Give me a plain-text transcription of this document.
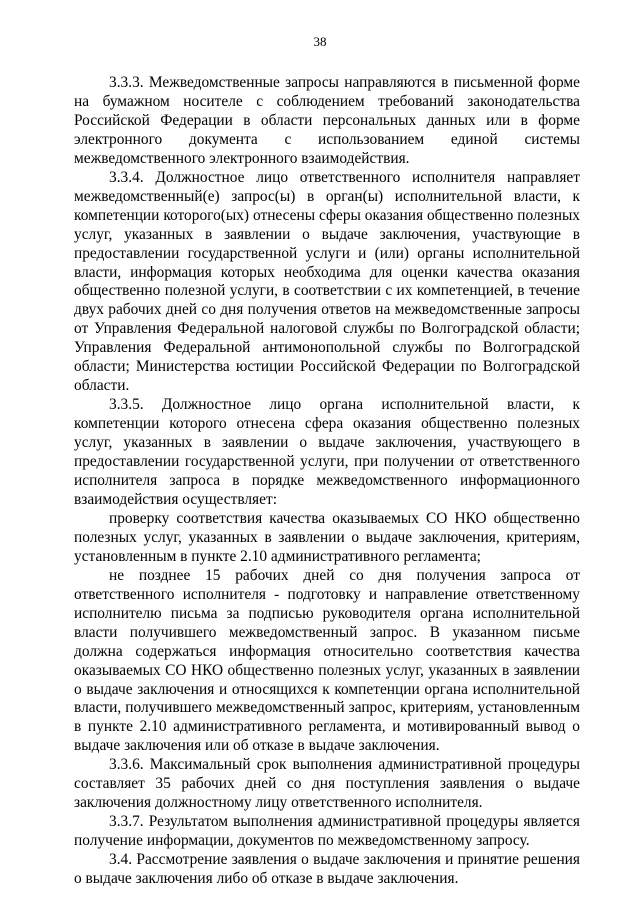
38

3.3.3. Межведомственные запросы направляются в письменной форме на бумажном носителе с соблюдением требований законодательства Российской Федерации в области персональных данных или в форме электронного документа с использованием единой системы межведомственного электронного взаимодействия.

3.3.4. Должностное лицо ответственного исполнителя направляет межведомственный(е) запрос(ы) в орган(ы) исполнительной власти, к компетенции которого(ых) отнесены сферы оказания общественно полезных услуг, указанных в заявлении о выдаче заключения, участвующие в предоставлении государственной услуги и (или) органы исполнительной власти, информация которых необходима для оценки качества оказания общественно полезной услуги, в соответствии с их компетенцией, в течение двух рабочих дней со дня получения ответов на межведомственные запросы от Управления Федеральной налоговой службы по Волгоградской области; Управления Федеральной антимонопольной службы по Волгоградской области; Министерства юстиции Российской Федерации по Волгоградской области.

3.3.5. Должностное лицо органа исполнительной власти, к компетенции которого отнесена сфера оказания общественно полезных услуг, указанных в заявлении о выдаче заключения, участвующего в предоставлении государственной услуги, при получении от ответственного исполнителя запроса в порядке межведомственного информационного взаимодействия осуществляет:

проверку соответствия качества оказываемых СО НКО общественно полезных услуг, указанных в заявлении о выдаче заключения, критериям, установленным в пункте 2.10 административного регламента;

не позднее 15 рабочих дней со дня получения запроса от ответственного исполнителя - подготовку и направление ответственному исполнителю письма за подписью руководителя органа исполнительной власти получившего межведомственный запрос. В указанном письме должна содержаться информация относительно соответствия качества оказываемых СО НКО общественно полезных услуг, указанных в заявлении о выдаче заключения и относящихся к компетенции органа исполнительной власти, получившего межведомственный запрос, критериям, установленным в пункте 2.10 административного регламента, и мотивированный вывод о выдаче заключения или об отказе в выдаче заключения.

3.3.6. Максимальный срок выполнения административной процедуры составляет 35 рабочих дней со дня поступления заявления о выдаче заключения должностному лицу ответственного исполнителя.

3.3.7. Результатом выполнения административной процедуры является получение информации, документов по межведомственному запросу.

3.4. Рассмотрение заявления о выдаче заключения и принятие решения о выдаче заключения либо об отказе в выдаче заключения.
